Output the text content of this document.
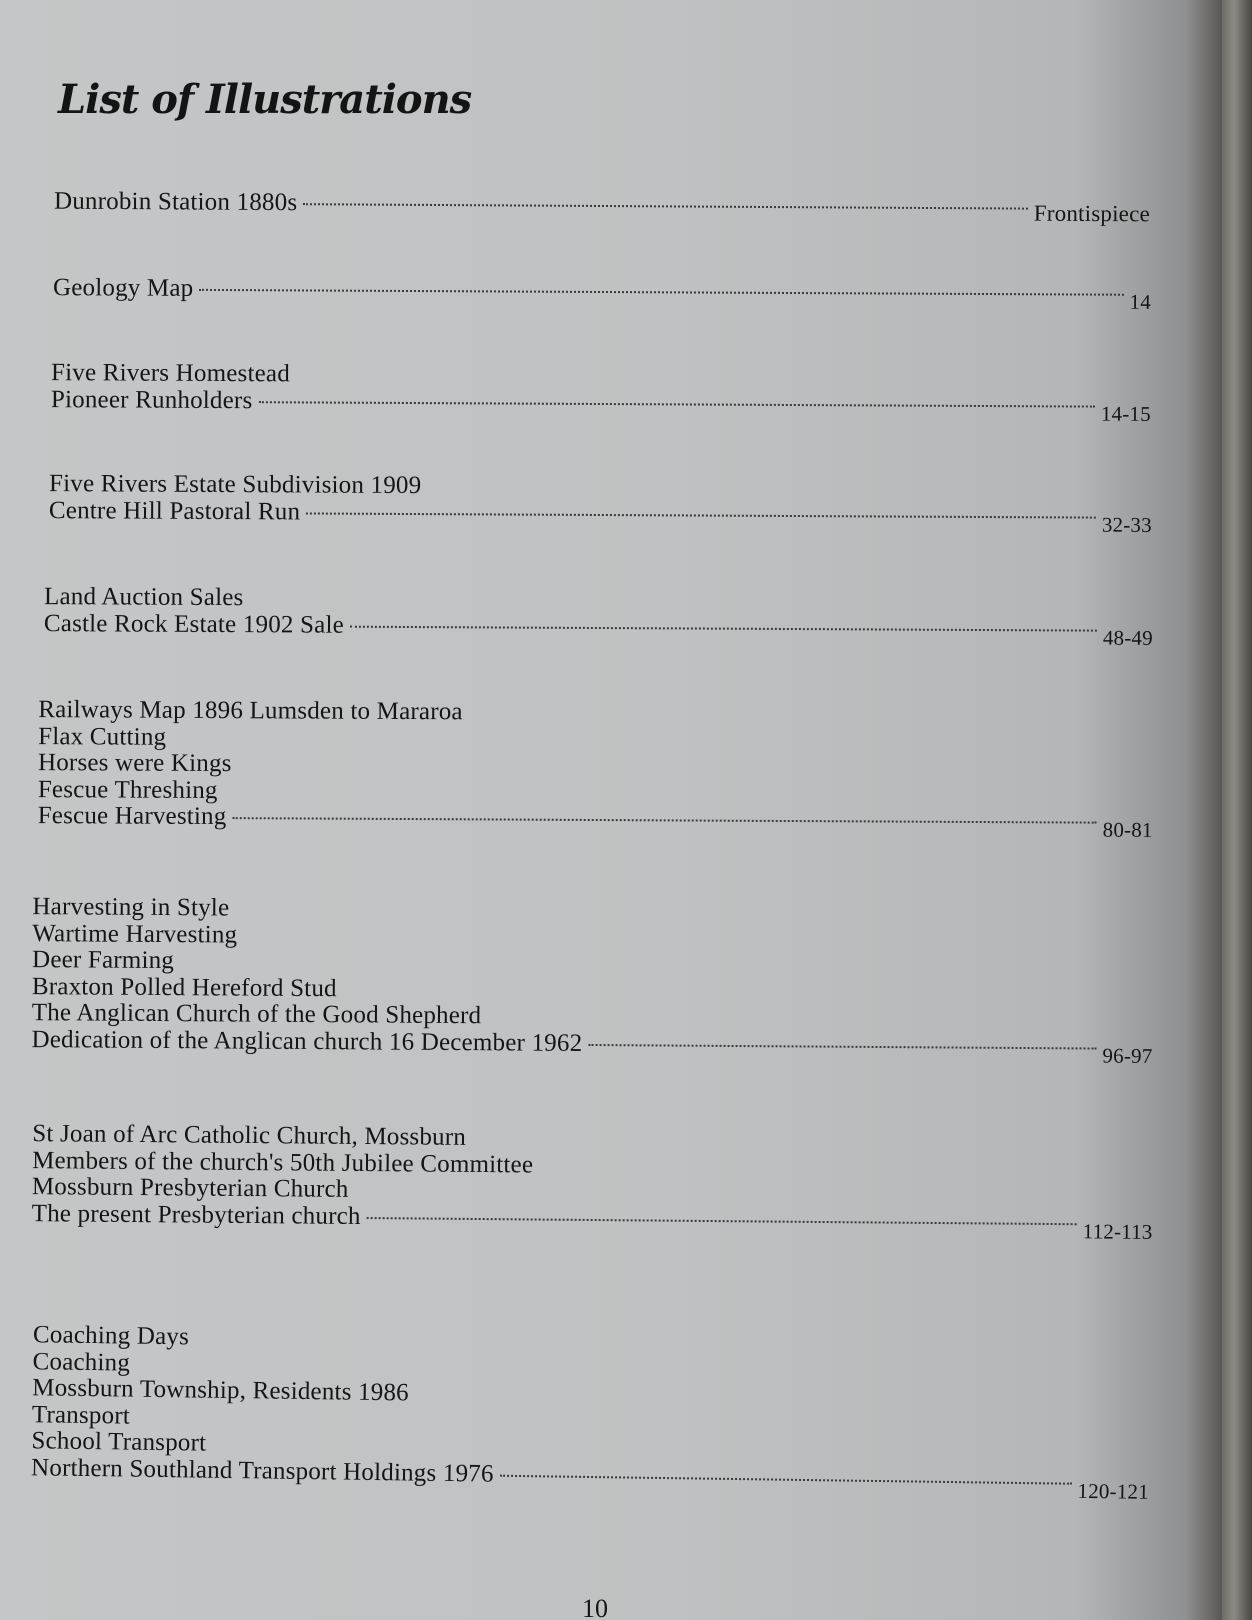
List of Illustrations
Dunrobin Station 1880s	Frontispiece
Geology Map	14
Five Rivers Homestead
Pioneer Runholders	14-15
Five Rivers Estate Subdivision 1909
Centre Hill Pastoral Run	32-33
Land Auction Sales
Castle Rock Estate 1902 Sale	48-49
Railways Map 1896 Lumsden to Mararoa
Flax Cutting
Horses were Kings
Fescue Threshing
Fescue Harvesting	80-81
Harvesting in Style
Wartime Harvesting
Deer Farming
Braxton Polled Hereford Stud
The Anglican Church of the Good Shepherd
Dedication of the Anglican church 16 December 1962	96-97
St Joan of Arc Catholic Church, Mossburn
Members of the church's 50th Jubilee Committee
Mossburn Presbyterian Church
The present Presbyterian church
112-113
Coaching Days
Coaching
Mossburn Township, Residents 1986
Transport
School Transport
Northern Southland Transport Holdings 1976
120-121
10
